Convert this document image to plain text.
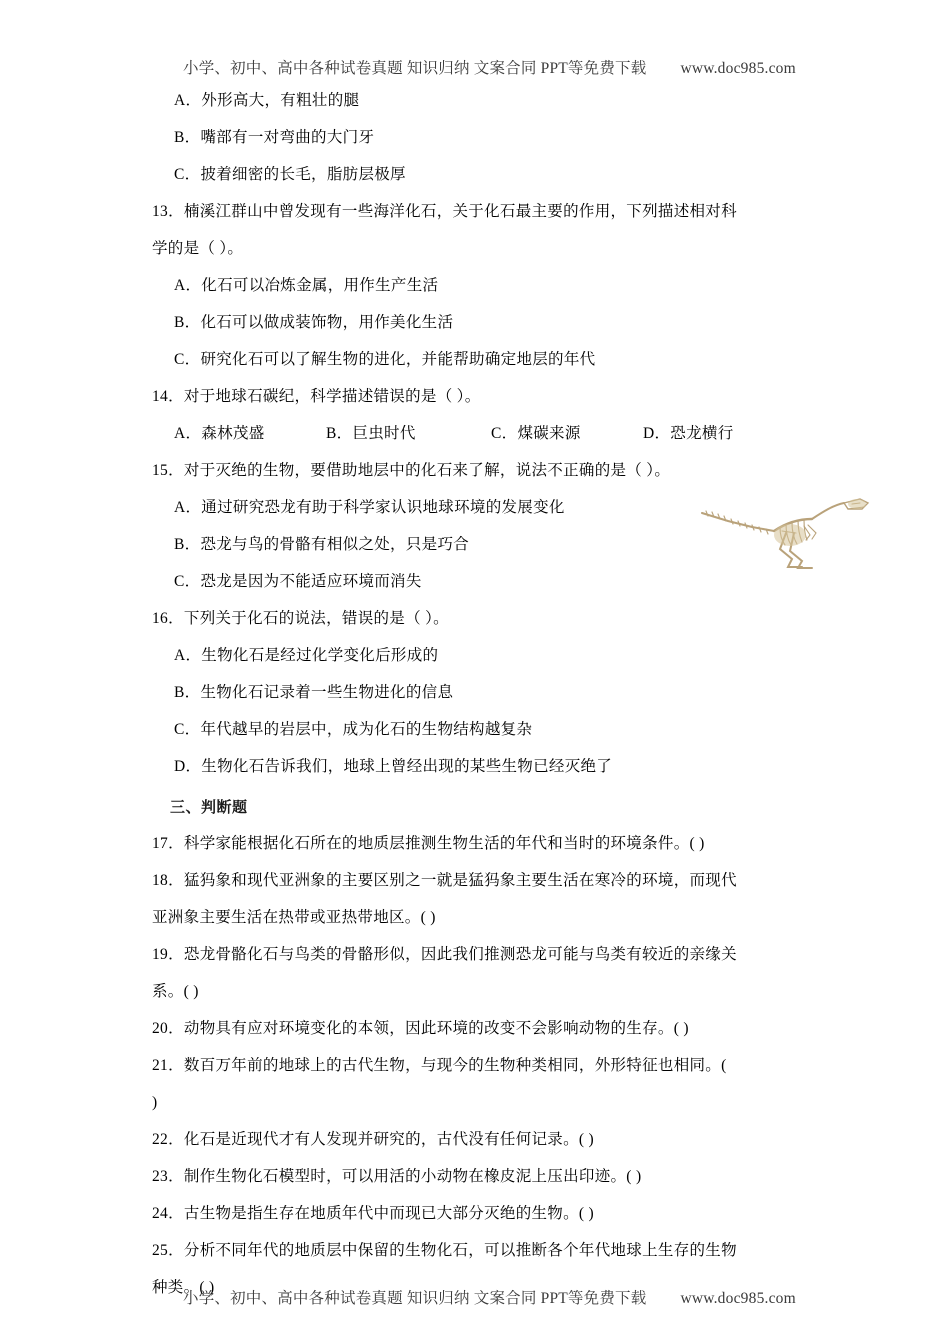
小学、初中、高中各种试卷真题 知识归纳 文案合同 PPT等免费下载 www.doc985.com
A．外形高大，有粗壮的腿
B．嘴部有一对弯曲的大门牙
C．披着细密的长毛，脂肪层极厚
13．楠溪江群山中曾发现有一些海洋化石，关于化石最主要的作用，下列描述相对科
学的是（ ）。
A．化石可以冶炼金属，用作生产生活
B．化石可以做成装饰物，用作美化生活
C．研究化石可以了解生物的进化，并能帮助确定地层的年代
14．对于地球石碳纪，科学描述错误的是（ ）。
A．森林茂盛	B．巨虫时代	C．煤碳来源	D．恐龙横行
15．对于灭绝的生物，要借助地层中的化石来了解，说法不正确的是（ ）。
A．通过研究恐龙有助于科学家认识地球环境的发展变化
B．恐龙与鸟的骨骼有相似之处，只是巧合
C．恐龙是因为不能适应环境而消失
16．下列关于化石的说法，错误的是（ ）。
A．生物化石是经过化学变化后形成的
B．生物化石记录着一些生物进化的信息
C．年代越早的岩层中，成为化石的生物结构越复杂
D．生物化石告诉我们，地球上曾经出现的某些生物已经灭绝了
三、判断题
17．科学家能根据化石所在的地质层推测生物生活的年代和当时的环境条件。( )
18．猛犸象和现代亚洲象的主要区别之一就是猛犸象主要生活在寒冷的环境，而现代
亚洲象主要生活在热带或亚热带地区。( )
19．恐龙骨骼化石与鸟类的骨骼形似，因此我们推测恐龙可能与鸟类有较近的亲缘关
系。( )
20．动物具有应对环境变化的本领，因此环境的改变不会影响动物的生存。( )
21．数百万年前的地球上的古代生物，与现今的生物种类相同，外形特征也相同。(
)
22．化石是近现代才有人发现并研究的，古代没有任何记录。( )
23．制作生物化石模型时，可以用活的小动物在橡皮泥上压出印迹。( )
24．古生物是指生存在地质年代中而现已大部分灭绝的生物。( )
25．分析不同年代的地质层中保留的生物化石，可以推断各个年代地球上生存的生物
种类。( )
小学、初中、高中各种试卷真题 知识归纳 文案合同 PPT等免费下载 www.doc985.com
